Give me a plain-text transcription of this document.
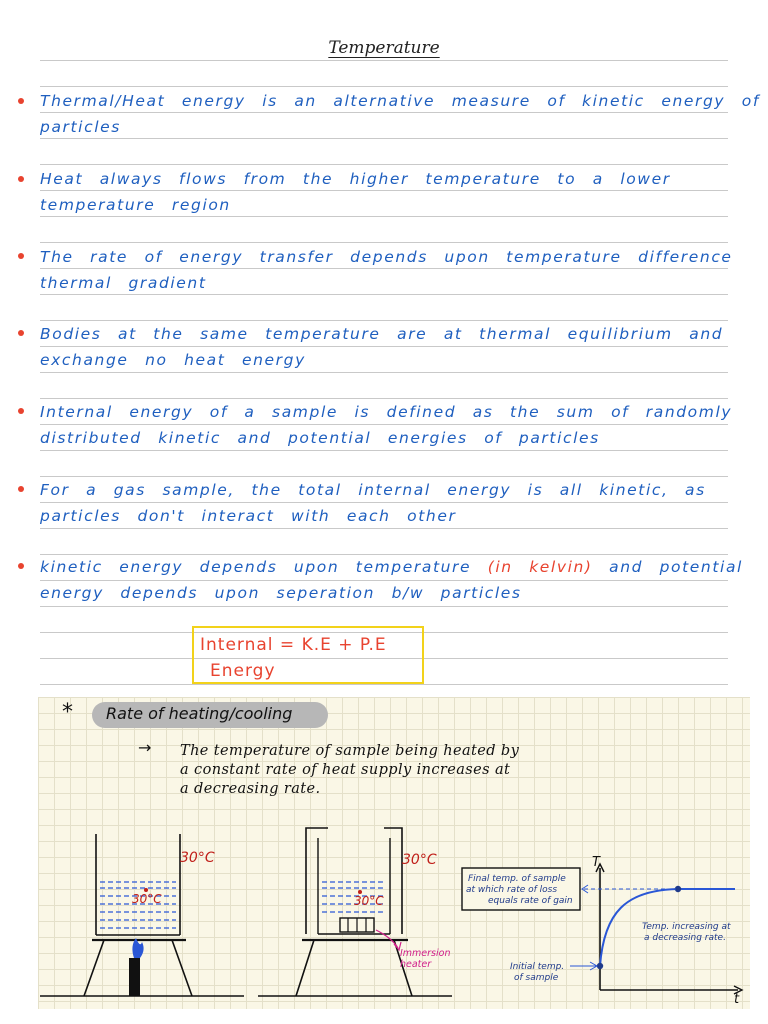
Temperature
Thermal/Heat energy is an alternative measure of kinetic energy of particles
Heat always flows from the higher temperature to a lower temperature region
The rate of energy transfer depends upon temperature difference thermal gradient
Bodies at the same temperature are at thermal equilibrium and exchange no heat energy
Internal energy of a sample is defined as the sum of randomly distributed kinetic and potential energies of particles
For a gas sample, the total internal energy is all kinetic, as particles don't interact with each other
kinetic energy depends upon temperature (in kelvin) and potential energy depends upon seperation b/w particles
Internal = K.E + P.E
Energy
* Rate of heating/cooling
→ The temperature of sample being heated by a constant rate of heat supply increases at a decreasing rate.
30°C
30°C
Immersion
heater
30°C
30°C
T
t
Final temp. of sample
at which rate of loss
equals rate of gain
Temp. increasing at
a decreasing rate.
Initial temp.
of sample
